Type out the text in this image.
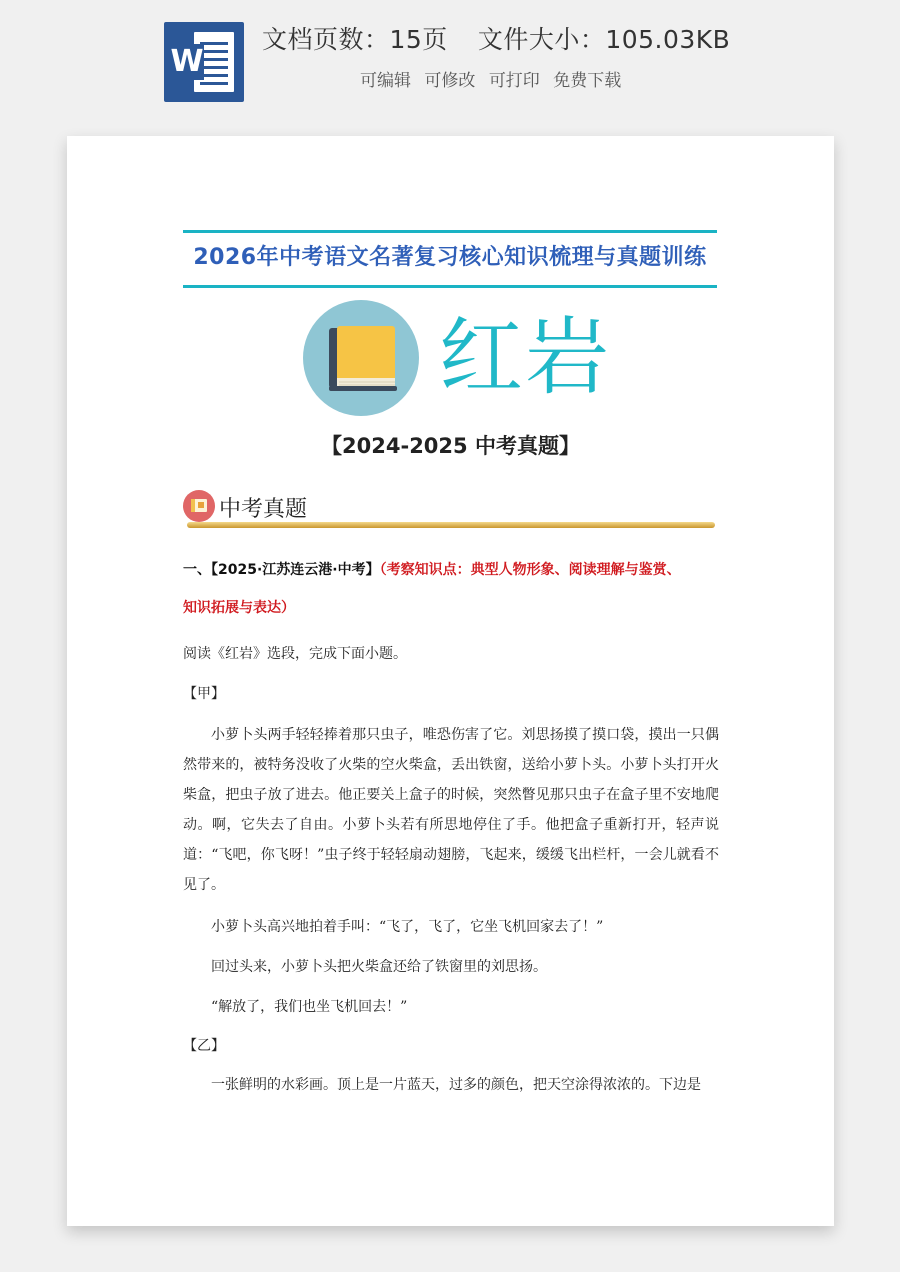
W
文档页数：15页 文件大小：105.03KB
可编辑 可修改 可打印 免费下载
2026年中考语文名著复习核心知识梳理与真题训练
红岩
【2024-2025 中考真题】
中考真题
一、【2025·江苏连云港·中考】（考察知识点：典型人物形象、阅读理解与鉴赏、
知识拓展与表达）
阅读《红岩》选段，完成下面小题。
【甲】
小萝卜头两手轻轻捧着那只虫子，唯恐伤害了它。刘思扬摸了摸口袋，摸出一只偶然带来的，被特务没收了火柴的空火柴盒，丢出铁窗，送给小萝卜头。小萝卜头打开火柴盒，把虫子放了进去。他正要关上盒子的时候，突然瞥见那只虫子在盒子里不安地爬动。啊，它失去了自由。小萝卜头若有所思地停住了手。他把盒子重新打开，轻声说道：“飞吧，你飞呀！”虫子终于轻轻扇动翅膀，飞起来，缓缓飞出栏杆，一会儿就看不见了。
小萝卜头高兴地拍着手叫：“飞了，飞了，它坐飞机回家去了！”
回过头来，小萝卜头把火柴盒还给了铁窗里的刘思扬。
“解放了，我们也坐飞机回去！”
【乙】
一张鲜明的水彩画。顶上是一片蓝天，过多的颜色，把天空涂得浓浓的。下边是
